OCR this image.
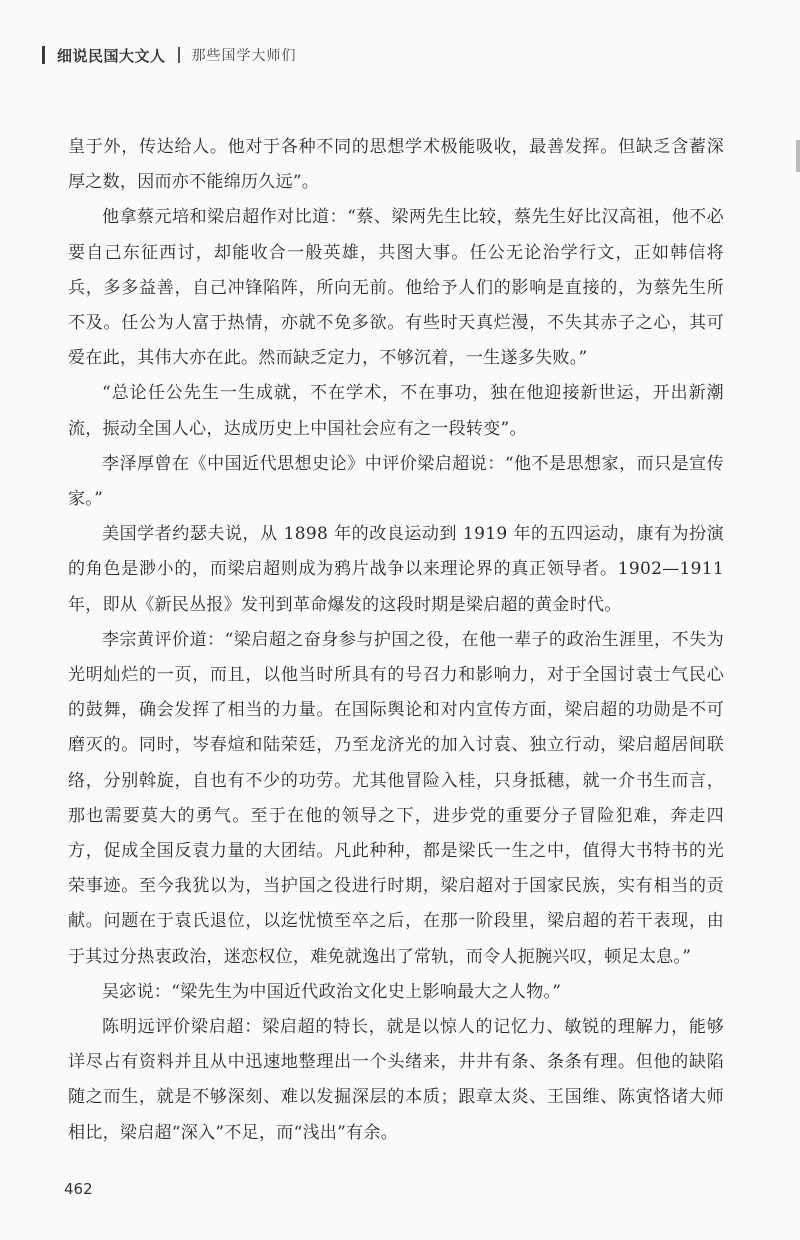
细说民国大文人 那些国学大师们

皇于外，传达给人。他对于各种不同的思想学术极能吸收，最善发挥。但缺乏含蓄深厚之数，因而亦不能绵历久远”。

他拿蔡元培和梁启超作对比道：“蔡、梁两先生比较，蔡先生好比汉高祖，他不必要自己东征西讨，却能收合一般英雄，共图大事。任公无论治学行文，正如韩信将兵，多多益善，自己冲锋陷阵，所向无前。他给予人们的影响是直接的，为蔡先生所不及。任公为人富于热情，亦就不免多欲。有些时天真烂漫，不失其赤子之心，其可爱在此，其伟大亦在此。然而缺乏定力，不够沉着，一生遂多失败。”

“总论任公先生一生成就，不在学术，不在事功，独在他迎接新世运，开出新潮流，振动全国人心，达成历史上中国社会应有之一段转变”。

李泽厚曾在《中国近代思想史论》中评价梁启超说：“他不是思想家，而只是宣传家。”

美国学者约瑟夫说，从 1898 年的改良运动到 1919 年的五四运动，康有为扮演的角色是渺小的，而梁启超则成为鸦片战争以来理论界的真正领导者。1902—1911 年，即从《新民丛报》发刊到革命爆发的这段时期是梁启超的黄金时代。

李宗黄评价道：“梁启超之奋身参与护国之役，在他一辈子的政治生涯里，不失为光明灿烂的一页，而且，以他当时所具有的号召力和影响力，对于全国讨袁士气民心的鼓舞，确会发挥了相当的力量。在国际舆论和对内宣传方面，梁启超的功勋是不可磨灭的。同时，岑春煊和陆荣廷，乃至龙济光的加入讨袁、独立行动，梁启超居间联络，分别斡旋，自也有不少的功劳。尤其他冒险入桂，只身抵穗，就一介书生而言，那也需要莫大的勇气。至于在他的领导之下，进步党的重要分子冒险犯难，奔走四方，促成全国反袁力量的大团结。凡此种种，都是梁氏一生之中，值得大书特书的光荣事迹。至今我犹以为，当护国之役进行时期，梁启超对于国家民族，实有相当的贡献。问题在于袁氏退位，以迄忧愤至卒之后，在那一阶段里，梁启超的若干表现，由于其过分热衷政治，迷恋权位，难免就逸出了常轨，而令人扼腕兴叹，顿足太息。”

吴宓说：“梁先生为中国近代政治文化史上影响最大之人物。”

陈明远评价梁启超：梁启超的特长，就是以惊人的记忆力、敏锐的理解力，能够详尽占有资料并且从中迅速地整理出一个头绪来，井井有条、条条有理。但他的缺陷随之而生，就是不够深刻、难以发掘深层的本质；跟章太炎、王国维、陈寅恪诸大师相比，梁启超“深入”不足，而“浅出”有余。

462
